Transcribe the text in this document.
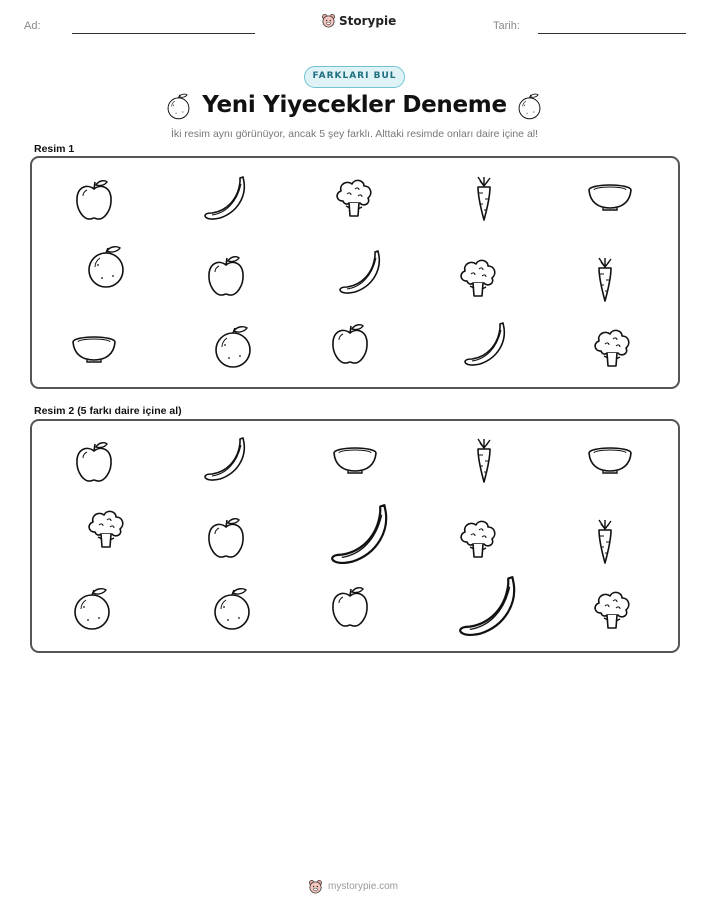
Ad:	Storypie	Tarih:
FARKLARI BUL
Yeni Yiyecekler Deneme
İki resim aynı görünüyor, ancak 5 şey farklı. Alttaki resimde onları daire içine al!
Resim 1
Resim 2 (5 farkı daire içine al)
mystorypie.com
